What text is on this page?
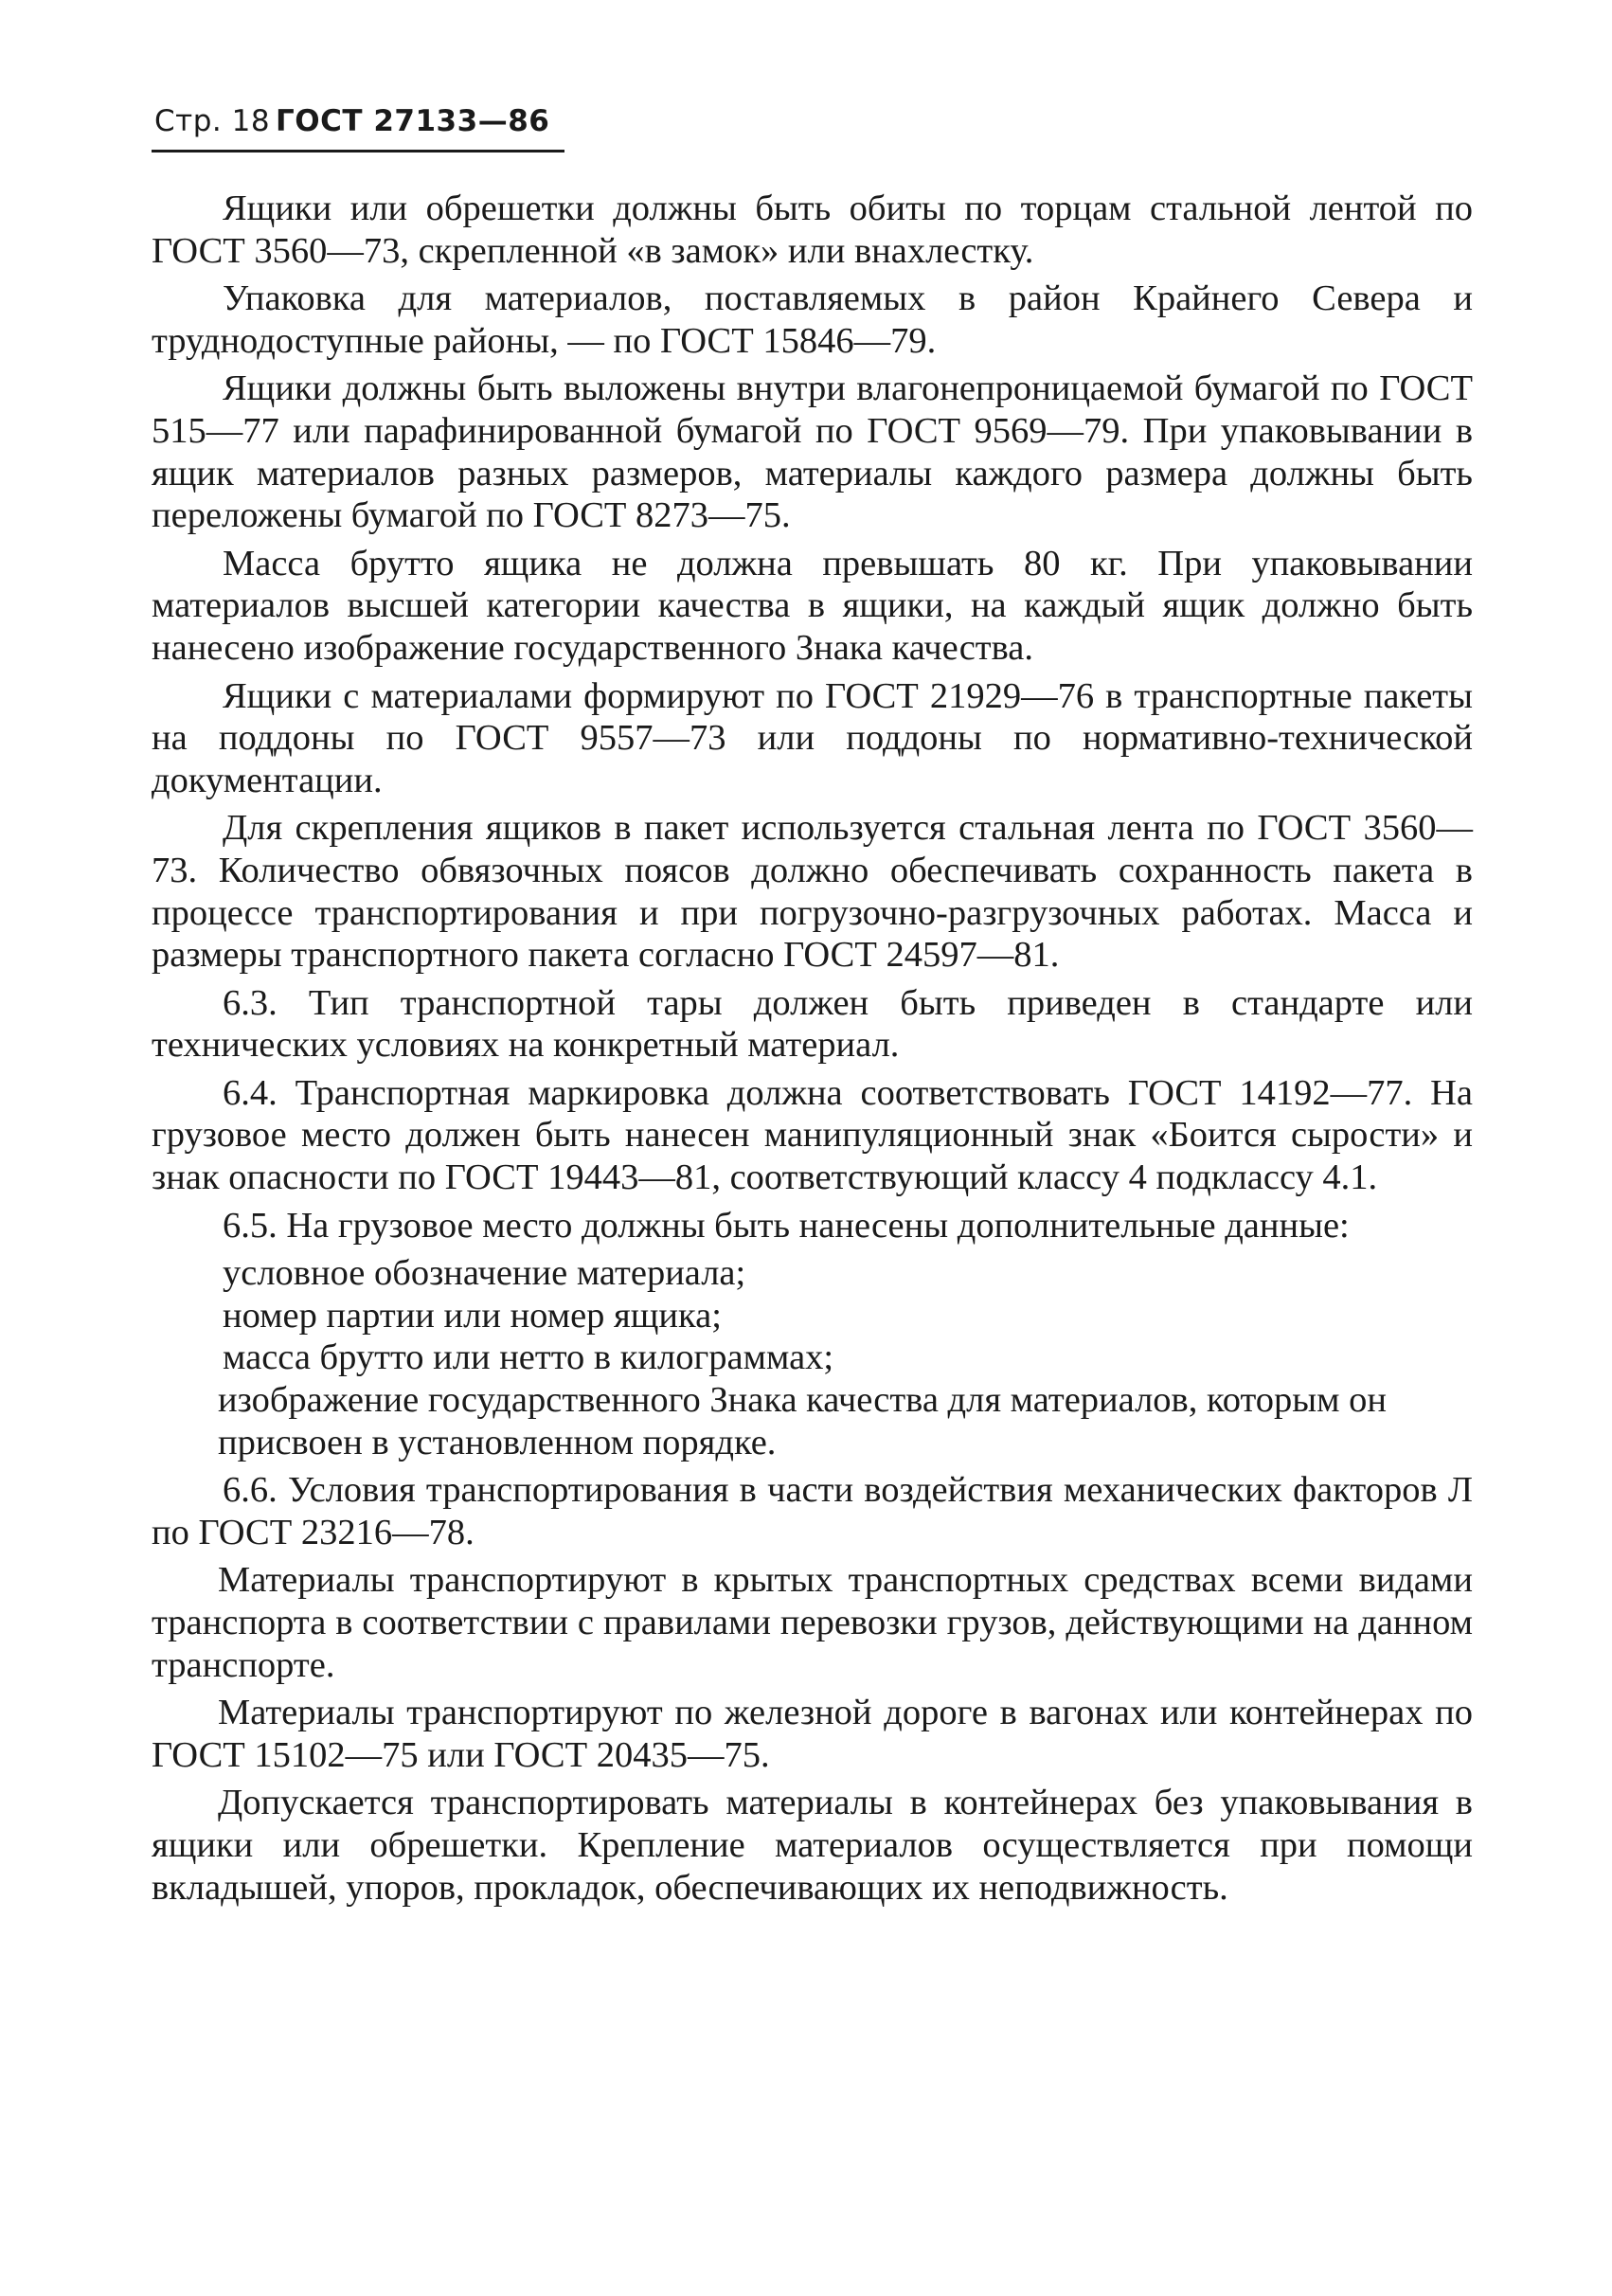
Стр. 18 ГОСТ 27133—86

Ящики или обрешетки должны быть обиты по торцам стальной лентой по ГОСТ 3560—73, скрепленной «в замок» или внахлестку.

Упаковка для материалов, поставляемых в район Крайнего Севера и труднодоступные районы, — по ГОСТ 15846—79.

Ящики должны быть выложены внутри влагонепроницаемой бумагой по ГОСТ 515—77 или парафинированной бумагой по ГОСТ 9569—79. При упаковывании в ящик материалов разных размеров, материалы каждого размера должны быть переложены бумагой по ГОСТ 8273—75.

Масса брутто ящика не должна превышать 80 кг. При упаковывании материалов высшей категории качества в ящики, на каждый ящик должно быть нанесено изображение государственного Знака качества.

Ящики с материалами формируют по ГОСТ 21929—76 в транспортные пакеты на поддоны по ГОСТ 9557—73 или поддоны по нормативно-технической документации.

Для скрепления ящиков в пакет используется стальная лента по ГОСТ 3560—73. Количество обвязочных поясов должно обеспечивать сохранность пакета в процессе транспортирования и при погрузочно-разгрузочных работах. Масса и размеры транспортного пакета согласно ГОСТ 24597—81.

6.3. Тип транспортной тары должен быть приведен в стандарте или технических условиях на конкретный материал.

6.4. Транспортная маркировка должна соответствовать ГОСТ 14192—77. На грузовое место должен быть нанесен манипуляционный знак «Боится сырости» и знак опасности по ГОСТ 19443—81, соответствующий классу 4 подклассу 4.1.

6.5. На грузовое место должны быть нанесены дополнительные данные:

условное обозначение материала;

номер партии или номер ящика;

масса брутто или нетто в килограммах;

изображение государственного Знака качества для материалов, которым он присвоен в установленном порядке.

6.6. Условия транспортирования в части воздействия механических факторов Л по ГОСТ 23216—78.

Материалы транспортируют в крытых транспортных средствах всеми видами транспорта в соответствии с правилами перевозки грузов, действующими на данном транспорте.

Материалы транспортируют по железной дороге в вагонах или контейнерах по ГОСТ 15102—75 или ГОСТ 20435—75.

Допускается транспортировать материалы в контейнерах без упаковывания в ящики или обрешетки. Крепление материалов осуществляется при помощи вкладышей, упоров, прокладок, обеспечивающих их неподвижность.
